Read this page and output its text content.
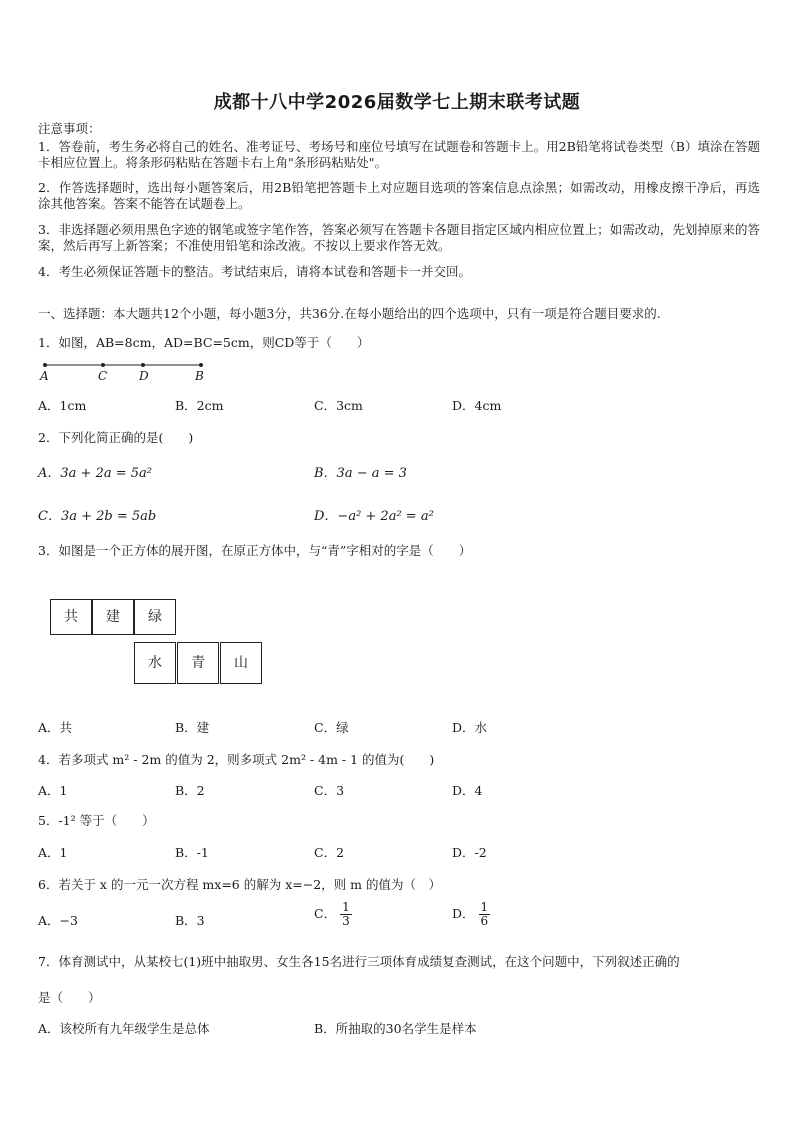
成都十八中学2026届数学七上期末联考试题
注意事项：
1．答卷前，考生务必将自己的姓名、准考证号、考场号和座位号填写在试题卷和答题卡上。用2B铅笔将试卷类型（B）填涂在答题卡相应位置上。将条形码粘贴在答题卡右上角"条形码粘贴处"。
2．作答选择题时，选出每小题答案后，用2B铅笔把答题卡上对应题目选项的答案信息点涂黑；如需改动，用橡皮擦干净后，再选涂其他答案。答案不能答在试题卷上。
3．非选择题必须用黑色字迹的钢笔或签字笔作答，答案必须写在答题卡各题目指定区域内相应位置上；如需改动，先划掉原来的答案，然后再写上新答案；不准使用铅笔和涂改液。不按以上要求作答无效。
4．考生必须保证答题卡的整洁。考试结束后，请将本试卷和答题卡一并交回。
一、选择题：本大题共12个小题，每小题3分，共36分.在每小题给出的四个选项中，只有一项是符合题目要求的.
1．如图，AB=8cm，AD=BC=5cm，则CD等于（　　）
A	C	D	B
A．1cm	B．2cm	C．3cm	D．4cm
2．下列化简正确的是(　　)
A．3a + 2a = 5a²	B．3a − a = 3
C．3a + 2b = 5ab	D．−a² + 2a² = a²
3．如图是一个正方体的展开图，在原正方体中，与“青”字相对的字是（　　）
共	建	绿
水	青	山
A．共	B．建	C．绿	D．水
4．若多项式 m² - 2m 的值为 2，则多项式 2m² - 4m - 1 的值为(　　)
A．1	B．2	C．3	D．4
5．-1² 等于（　　）
A．1	B．-1	C．2	D．-2
6．若关于 x 的一元一次方程 mx=6 的解为 x=−2，则 m 的值为（　）
A．−3	B．3	C． $\frac{1}{3}$	D． $\frac{1}{6}$
7．体育测试中，从某校七(1)班中抽取男、女生各15名进行三项体育成绩复查测试，在这个问题中，下列叙述正确的
是（　　）
A．该校所有九年级学生是总体	B．所抽取的30名学生是样本
